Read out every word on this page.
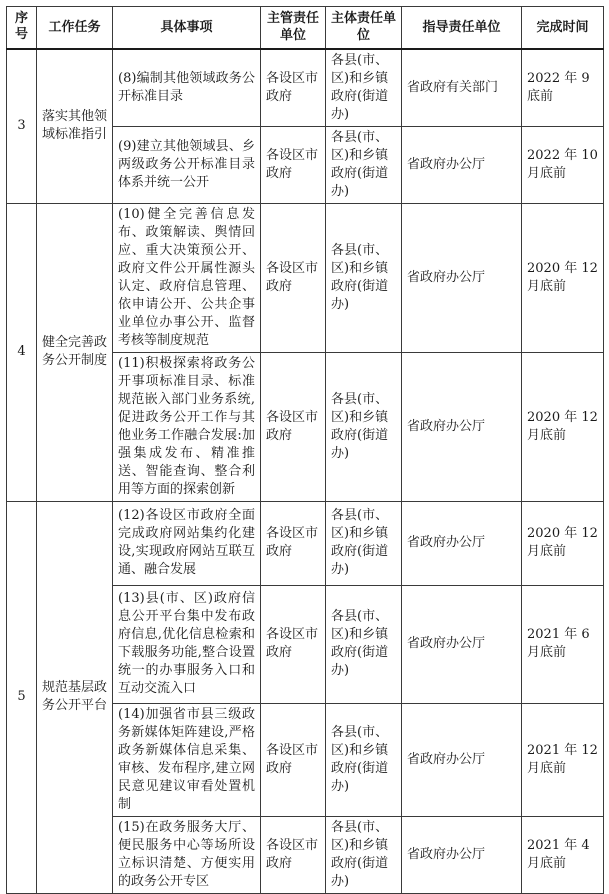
序号	工作任务	具体事项	主管责任单位	主体责任单位	指导责任单位	完成时间
3	落实其他领域标准指引	(8)编制其他领域政务公开标准目录	各设区市政府	各县(市、区)和乡镇政府(街道办)	省政府有关部门	2022 年 9 底前
		(9)建立其他领域县、乡两级政务公开标准目录体系并统一公开	各设区市政府	各县(市、区)和乡镇政府(街道办)	省政府办公厅	2022 年 10 月底前
4	健全完善政务公开制度	(10)健全完善信息发布、政策解读、舆情回应、重大决策预公开、政府文件公开属性源头认定、政府信息管理、依申请公开、公共企事业单位办事公开、监督考核等制度规范	各设区市政府	各县(市、区)和乡镇政府(街道办)	省政府办公厅	2020 年 12 月底前
		(11)积极探索将政务公开事项标准目录、标准规范嵌入部门业务系统,促进政务公开工作与其他业务工作融合发展:加强集成发布、精准推送、智能查询、整合利用等方面的探索创新	各设区市政府	各县(市、区)和乡镇政府(街道办)	省政府办公厅	2020 年 12 月底前
5	规范基层政务公开平台	(12)各设区市政府全面完成政府网站集约化建设,实现政府网站互联互通、融合发展	各设区市政府	各县(市、区)和乡镇政府(街道办)	省政府办公厅	2020 年 12 月底前
		(13)县(市、区)政府信息公开平台集中发布政府信息,优化信息检索和下载服务功能,整合设置统一的办事服务入口和互动交流入口	各设区市政府	各县(市、区)和乡镇政府(街道办)	省政府办公厅	2021 年 6 月底前
		(14)加强省市县三级政务新媒体矩阵建设,严格政务新媒体信息采集、审核、发布程序,建立网民意见建议审看处置机制	各设区市政府	各县(市、区)和乡镇政府(街道办)	省政府办公厅	2021 年 12 月底前
		(15)在政务服务大厅、便民服务中心等场所设立标识清楚、方便实用的政务公开专区	各设区市政府	各县(市、区)和乡镇政府(街道办)	省政府办公厅	2021 年 4 月底前
